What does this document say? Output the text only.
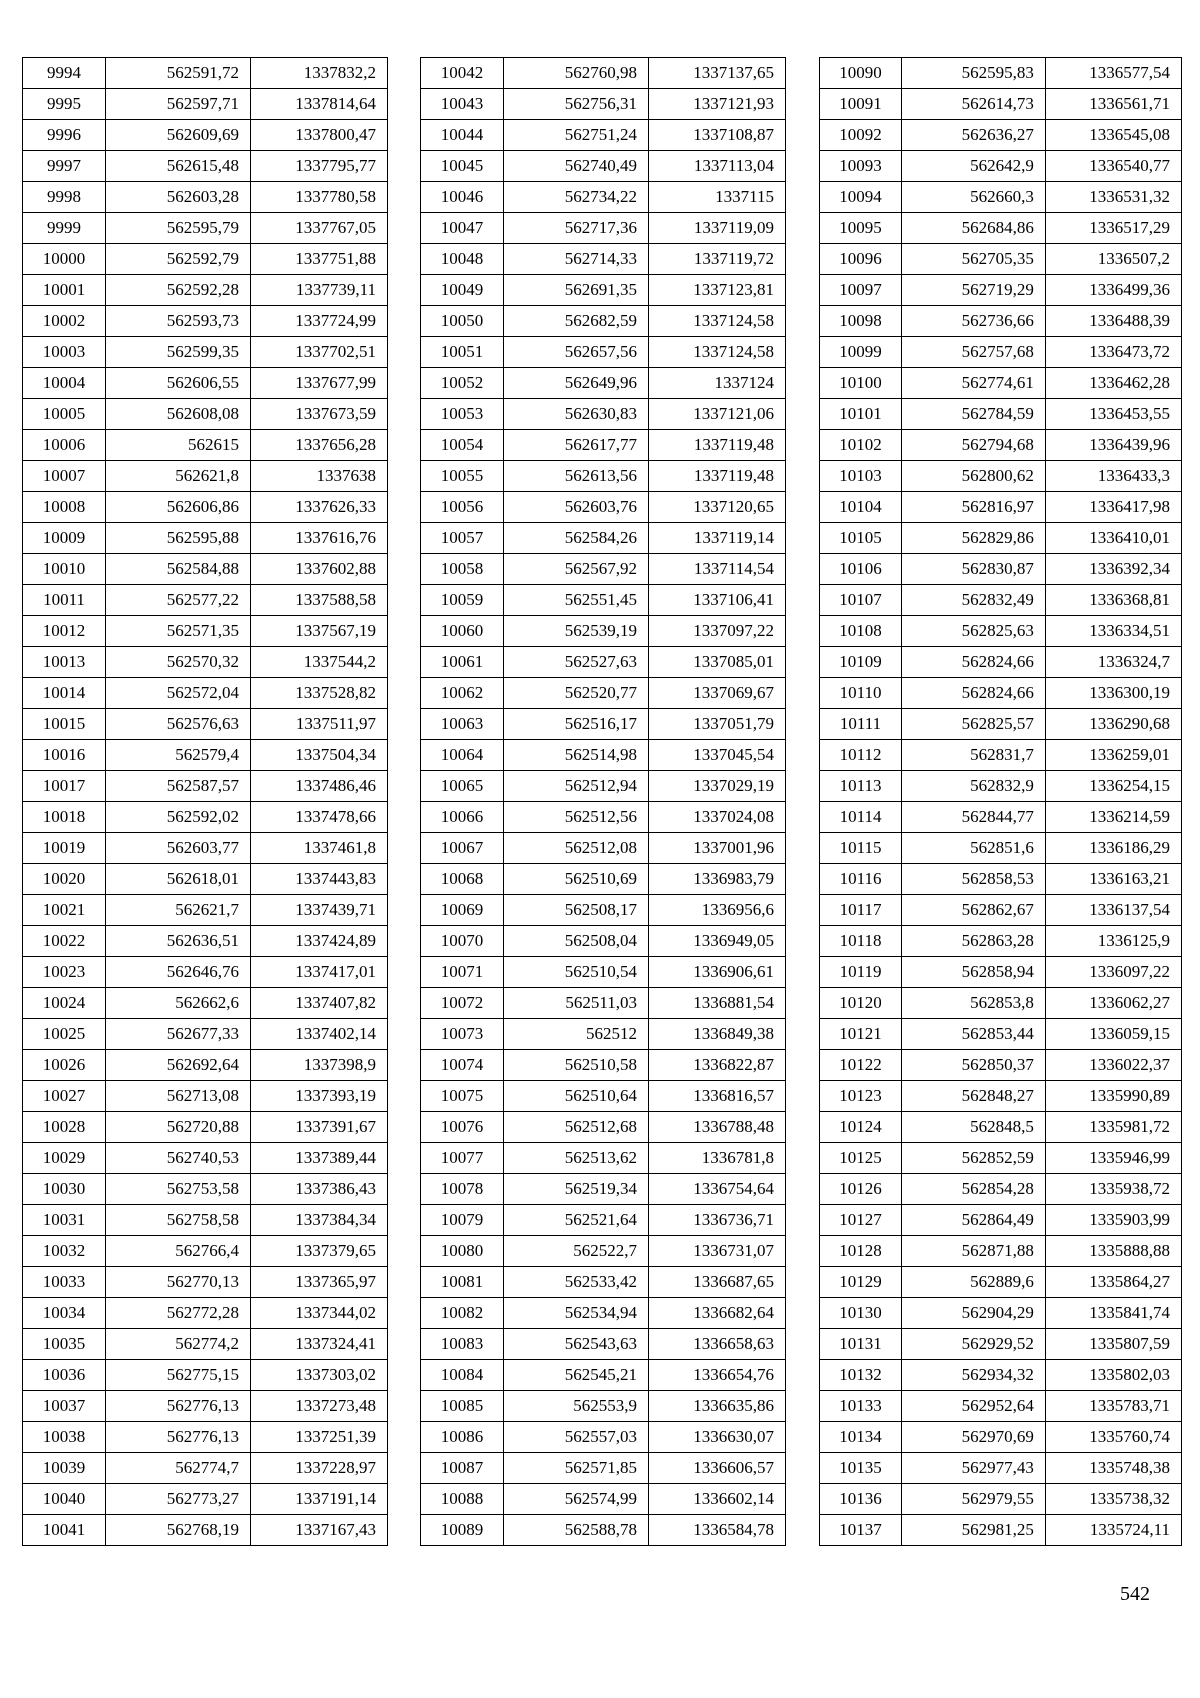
9994	562591,72	1337832,2
9995	562597,71	1337814,64
9996	562609,69	1337800,47
9997	562615,48	1337795,77
9998	562603,28	1337780,58
9999	562595,79	1337767,05
10000	562592,79	1337751,88
10001	562592,28	1337739,11
10002	562593,73	1337724,99
10003	562599,35	1337702,51
10004	562606,55	1337677,99
10005	562608,08	1337673,59
10006	562615	1337656,28
10007	562621,8	1337638
10008	562606,86	1337626,33
10009	562595,88	1337616,76
10010	562584,88	1337602,88
10011	562577,22	1337588,58
10012	562571,35	1337567,19
10013	562570,32	1337544,2
10014	562572,04	1337528,82
10015	562576,63	1337511,97
10016	562579,4	1337504,34
10017	562587,57	1337486,46
10018	562592,02	1337478,66
10019	562603,77	1337461,8
10020	562618,01	1337443,83
10021	562621,7	1337439,71
10022	562636,51	1337424,89
10023	562646,76	1337417,01
10024	562662,6	1337407,82
10025	562677,33	1337402,14
10026	562692,64	1337398,9
10027	562713,08	1337393,19
10028	562720,88	1337391,67
10029	562740,53	1337389,44
10030	562753,58	1337386,43
10031	562758,58	1337384,34
10032	562766,4	1337379,65
10033	562770,13	1337365,97
10034	562772,28	1337344,02
10035	562774,2	1337324,41
10036	562775,15	1337303,02
10037	562776,13	1337273,48
10038	562776,13	1337251,39
10039	562774,7	1337228,97
10040	562773,27	1337191,14
10041	562768,19	1337167,43
10042	562760,98	1337137,65
10043	562756,31	1337121,93
10044	562751,24	1337108,87
10045	562740,49	1337113,04
10046	562734,22	1337115
10047	562717,36	1337119,09
10048	562714,33	1337119,72
10049	562691,35	1337123,81
10050	562682,59	1337124,58
10051	562657,56	1337124,58
10052	562649,96	1337124
10053	562630,83	1337121,06
10054	562617,77	1337119,48
10055	562613,56	1337119,48
10056	562603,76	1337120,65
10057	562584,26	1337119,14
10058	562567,92	1337114,54
10059	562551,45	1337106,41
10060	562539,19	1337097,22
10061	562527,63	1337085,01
10062	562520,77	1337069,67
10063	562516,17	1337051,79
10064	562514,98	1337045,54
10065	562512,94	1337029,19
10066	562512,56	1337024,08
10067	562512,08	1337001,96
10068	562510,69	1336983,79
10069	562508,17	1336956,6
10070	562508,04	1336949,05
10071	562510,54	1336906,61
10072	562511,03	1336881,54
10073	562512	1336849,38
10074	562510,58	1336822,87
10075	562510,64	1336816,57
10076	562512,68	1336788,48
10077	562513,62	1336781,8
10078	562519,34	1336754,64
10079	562521,64	1336736,71
10080	562522,7	1336731,07
10081	562533,42	1336687,65
10082	562534,94	1336682,64
10083	562543,63	1336658,63
10084	562545,21	1336654,76
10085	562553,9	1336635,86
10086	562557,03	1336630,07
10087	562571,85	1336606,57
10088	562574,99	1336602,14
10089	562588,78	1336584,78
10090	562595,83	1336577,54
10091	562614,73	1336561,71
10092	562636,27	1336545,08
10093	562642,9	1336540,77
10094	562660,3	1336531,32
10095	562684,86	1336517,29
10096	562705,35	1336507,2
10097	562719,29	1336499,36
10098	562736,66	1336488,39
10099	562757,68	1336473,72
10100	562774,61	1336462,28
10101	562784,59	1336453,55
10102	562794,68	1336439,96
10103	562800,62	1336433,3
10104	562816,97	1336417,98
10105	562829,86	1336410,01
10106	562830,87	1336392,34
10107	562832,49	1336368,81
10108	562825,63	1336334,51
10109	562824,66	1336324,7
10110	562824,66	1336300,19
10111	562825,57	1336290,68
10112	562831,7	1336259,01
10113	562832,9	1336254,15
10114	562844,77	1336214,59
10115	562851,6	1336186,29
10116	562858,53	1336163,21
10117	562862,67	1336137,54
10118	562863,28	1336125,9
10119	562858,94	1336097,22
10120	562853,8	1336062,27
10121	562853,44	1336059,15
10122	562850,37	1336022,37
10123	562848,27	1335990,89
10124	562848,5	1335981,72
10125	562852,59	1335946,99
10126	562854,28	1335938,72
10127	562864,49	1335903,99
10128	562871,88	1335888,88
10129	562889,6	1335864,27
10130	562904,29	1335841,74
10131	562929,52	1335807,59
10132	562934,32	1335802,03
10133	562952,64	1335783,71
10134	562970,69	1335760,74
10135	562977,43	1335748,38
10136	562979,55	1335738,32
10137	562981,25	1335724,11
542
